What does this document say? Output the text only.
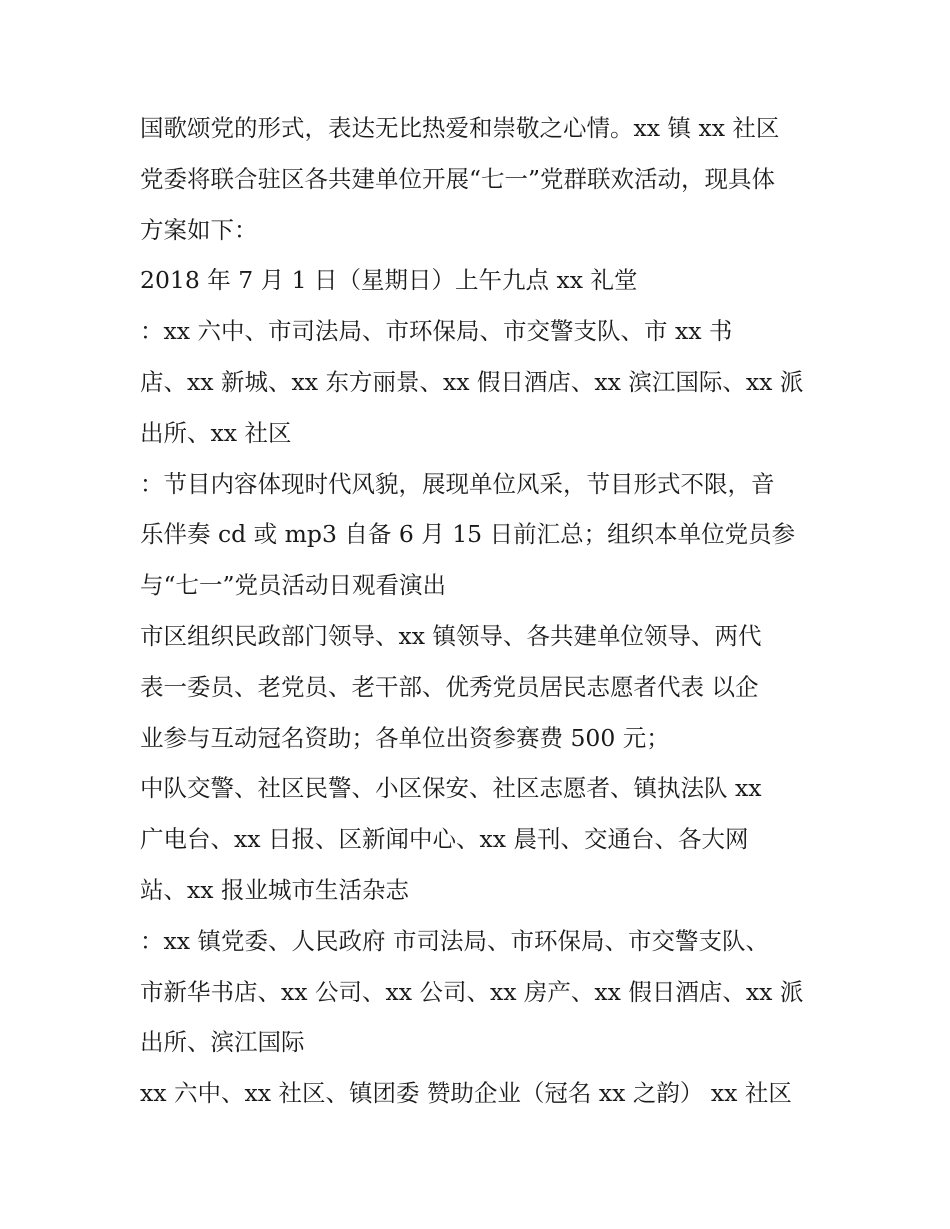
国歌颂党的形式，表达无比热爱和崇敬之心情。xx 镇 xx 社区

党委将联合驻区各共建单位开展“七一”党群联欢活动，现具体

方案如下：

2018 年 7 月 1 日（星期日）上午九点 xx 礼堂

：xx 六中、市司法局、市环保局、市交警支队、市 xx 书

店、xx 新城、xx 东方丽景、xx 假日酒店、xx 滨江国际、xx 派

出所、xx 社区

：节目内容体现时代风貌，展现单位风采，节目形式不限，音

乐伴奏 cd 或 mp3 自备 6 月 15 日前汇总；组织本单位党员参

与“七一”党员活动日观看演出

市区组织民政部门领导、xx 镇领导、各共建单位领导、两代

表一委员、老党员、老干部、优秀党员居民志愿者代表 以企

业参与互动冠名资助；各单位出资参赛费 500 元；

中队交警、社区民警、小区保安、社区志愿者、镇执法队 xx

广电台、xx 日报、区新闻中心、xx 晨刊、交通台、各大网

站、xx 报业城市生活杂志

：xx 镇党委、人民政府 市司法局、市环保局、市交警支队、

市新华书店、xx 公司、xx 公司、xx 房产、xx 假日酒店、xx 派

出所、滨江国际

xx 六中、xx 社区、镇团委 赞助企业（冠名 xx 之韵） xx 社区
